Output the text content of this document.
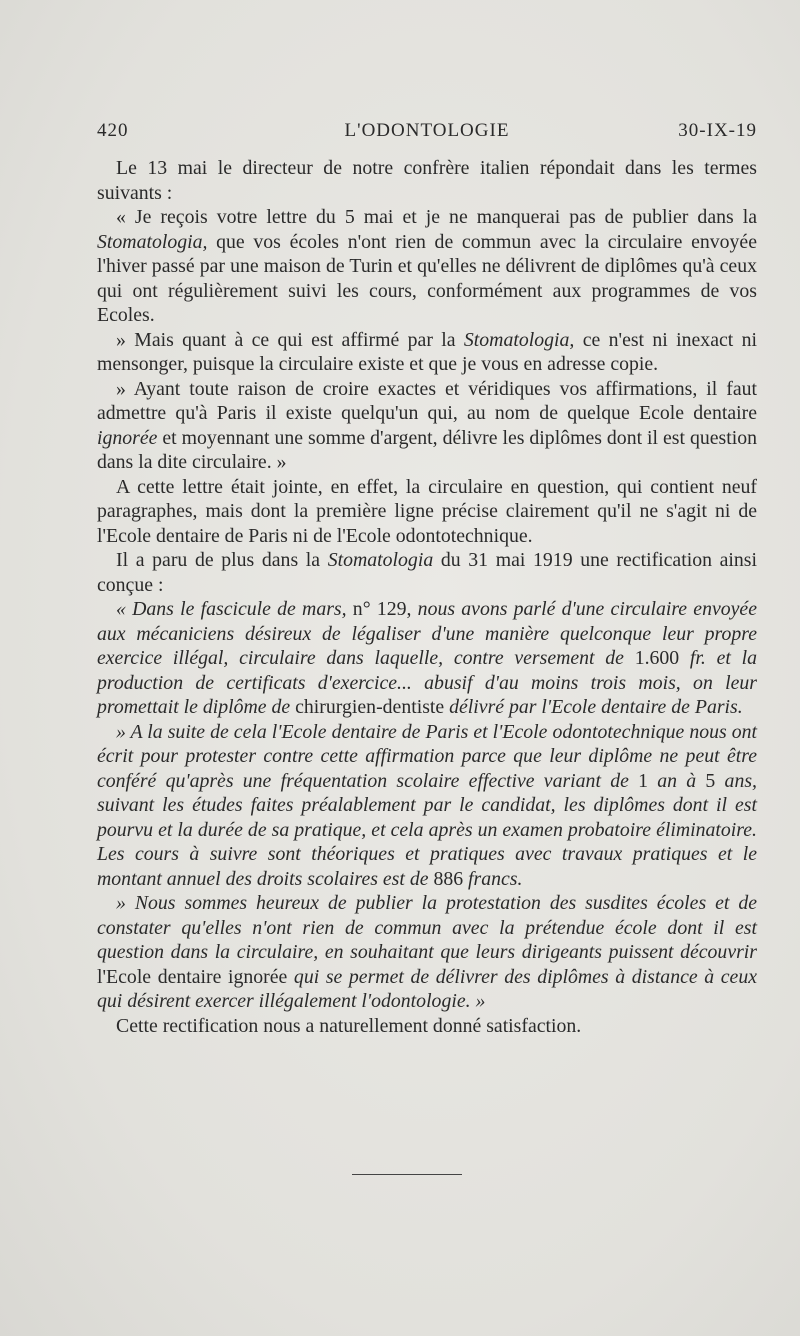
420	L'ODONTOLOGIE	30-IX-19

Le 13 mai le directeur de notre confrère italien répondait dans les termes suivants :

« Je reçois votre lettre du 5 mai et je ne manquerai pas de publier dans la Stomatologia, que vos écoles n'ont rien de commun avec la circulaire envoyée l'hiver passé par une maison de Turin et qu'elles ne délivrent de diplômes qu'à ceux qui ont régulièrement suivi les cours, conformément aux programmes de vos Ecoles.

» Mais quant à ce qui est affirmé par la Stomatologia, ce n'est ni inexact ni mensonger, puisque la circulaire existe et que je vous en adresse copie.

» Ayant toute raison de croire exactes et véridiques vos affirmations, il faut admettre qu'à Paris il existe quelqu'un qui, au nom de quelque Ecole dentaire ignorée et moyennant une somme d'argent, délivre les diplômes dont il est question dans la dite circulaire. »

A cette lettre était jointe, en effet, la circulaire en question, qui contient neuf paragraphes, mais dont la première ligne précise clairement qu'il ne s'agit ni de l'Ecole dentaire de Paris ni de l'Ecole odontotechnique.

Il a paru de plus dans la Stomatologia du 31 mai 1919 une rectification ainsi conçue :

« Dans le fascicule de mars, n° 129, nous avons parlé d'une circulaire envoyée aux mécaniciens désireux de légaliser d'une manière quelconque leur propre exercice illégal, circulaire dans laquelle, contre versement de 1.600 fr. et la production de certificats d'exercice... abusif d'au moins trois mois, on leur promettait le diplôme de chirurgien-dentiste délivré par l'Ecole dentaire de Paris.

» A la suite de cela l'Ecole dentaire de Paris et l'Ecole odontotechnique nous ont écrit pour protester contre cette affirmation parce que leur diplôme ne peut être conféré qu'après une fréquentation scolaire effective variant de 1 an à 5 ans, suivant les études faites préalablement par le candidat, les diplômes dont il est pourvu et la durée de sa pratique, et cela après un examen probatoire éliminatoire. Les cours à suivre sont théoriques et pratiques avec travaux pratiques et le montant annuel des droits scolaires est de 886 francs.

» Nous sommes heureux de publier la protestation des susdites écoles et de constater qu'elles n'ont rien de commun avec la prétendue école dont il est question dans la circulaire, en souhaitant que leurs dirigeants puissent découvrir l'Ecole dentaire ignorée qui se permet de délivrer des diplômes à distance à ceux qui désirent exercer illégalement l'odontologie. »

Cette rectification nous a naturellement donné satisfaction.
